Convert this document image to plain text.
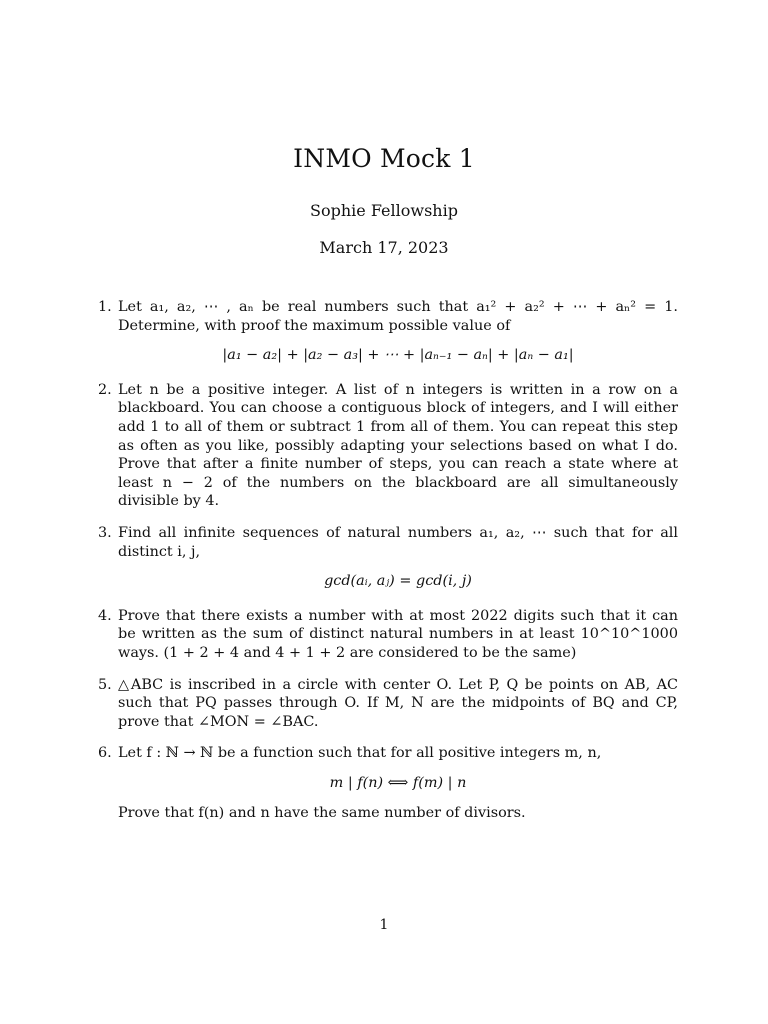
INMO Mock 1
Sophie Fellowship
March 17, 2023
1. Let a₁, a₂, ⋯ , aₙ be real numbers such that a₁² + a₂² + ⋯ + aₙ² = 1. Determine, with proof the maximum possible value of
|a₁ − a₂| + |a₂ − a₃| + ⋯ + |aₙ₋₁ − aₙ| + |aₙ − a₁|
2. Let n be a positive integer. A list of n integers is written in a row on a blackboard. You can choose a contiguous block of integers, and I will either add 1 to all of them or subtract 1 from all of them. You can repeat this step as often as you like, possibly adapting your selections based on what I do. Prove that after a finite number of steps, you can reach a state where at least n − 2 of the numbers on the blackboard are all simultaneously divisible by 4.
3. Find all infinite sequences of natural numbers a₁, a₂, ⋯ such that for all distinct i, j,
gcd(aᵢ, aⱼ) = gcd(i, j)
4. Prove that there exists a number with at most 2022 digits such that it can be written as the sum of distinct natural numbers in at least 10^10^1000 ways. (1 + 2 + 4 and 4 + 1 + 2 are considered to be the same)
5. △ABC is inscribed in a circle with center O. Let P, Q be points on AB, AC such that PQ passes through O. If M, N are the midpoints of BQ and CP, prove that ∠MON = ∠BAC.
6. Let f : ℕ → ℕ be a function such that for all positive integers m, n,
m | f(n) ⟺ f(m) | n
Prove that f(n) and n have the same number of divisors.
1
